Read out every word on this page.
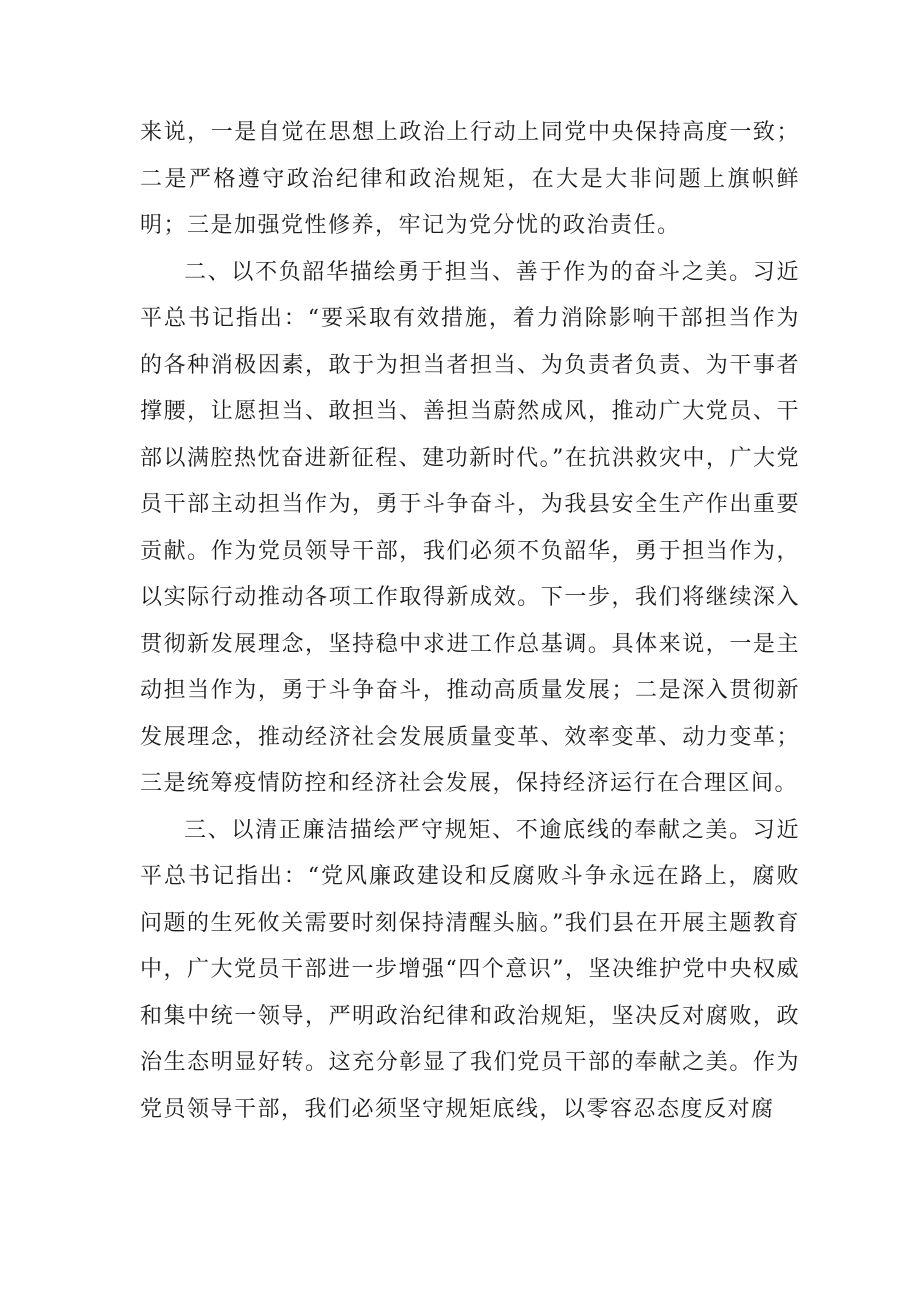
来说，一是自觉在思想上政治上行动上同党中央保持高度一致；二是严格遵守政治纪律和政治规矩，在大是大非问题上旗帜鲜明；三是加强党性修养，牢记为党分忧的政治责任。

二、以不负韶华描绘勇于担当、善于作为的奋斗之美。习近平总书记指出：“要采取有效措施，着力消除影响干部担当作为的各种消极因素，敢于为担当者担当、为负责者负责、为干事者撑腰，让愿担当、敢担当、善担当蔚然成风，推动广大党员、干部以满腔热忱奋进新征程、建功新时代。”在抗洪救灾中，广大党员干部主动担当作为，勇于斗争奋斗，为我县安全生产作出重要贡献。作为党员领导干部，我们必须不负韶华，勇于担当作为，以实际行动推动各项工作取得新成效。下一步，我们将继续深入贯彻新发展理念，坚持稳中求进工作总基调。具体来说，一是主动担当作为，勇于斗争奋斗，推动高质量发展；二是深入贯彻新发展理念，推动经济社会发展质量变革、效率变革、动力变革；三是统筹疫情防控和经济社会发展，保持经济运行在合理区间。

三、以清正廉洁描绘严守规矩、不逾底线的奉献之美。习近平总书记指出：“党风廉政建设和反腐败斗争永远在路上，腐败问题的生死攸关需要时刻保持清醒头脑。”我们县在开展主题教育中，广大党员干部进一步增强“四个意识”，坚决维护党中央权威和集中统一领导，严明政治纪律和政治规矩，坚决反对腐败，政治生态明显好转。这充分彰显了我们党员干部的奉献之美。作为党员领导干部，我们必须坚守规矩底线，以零容忍态度反对腐
